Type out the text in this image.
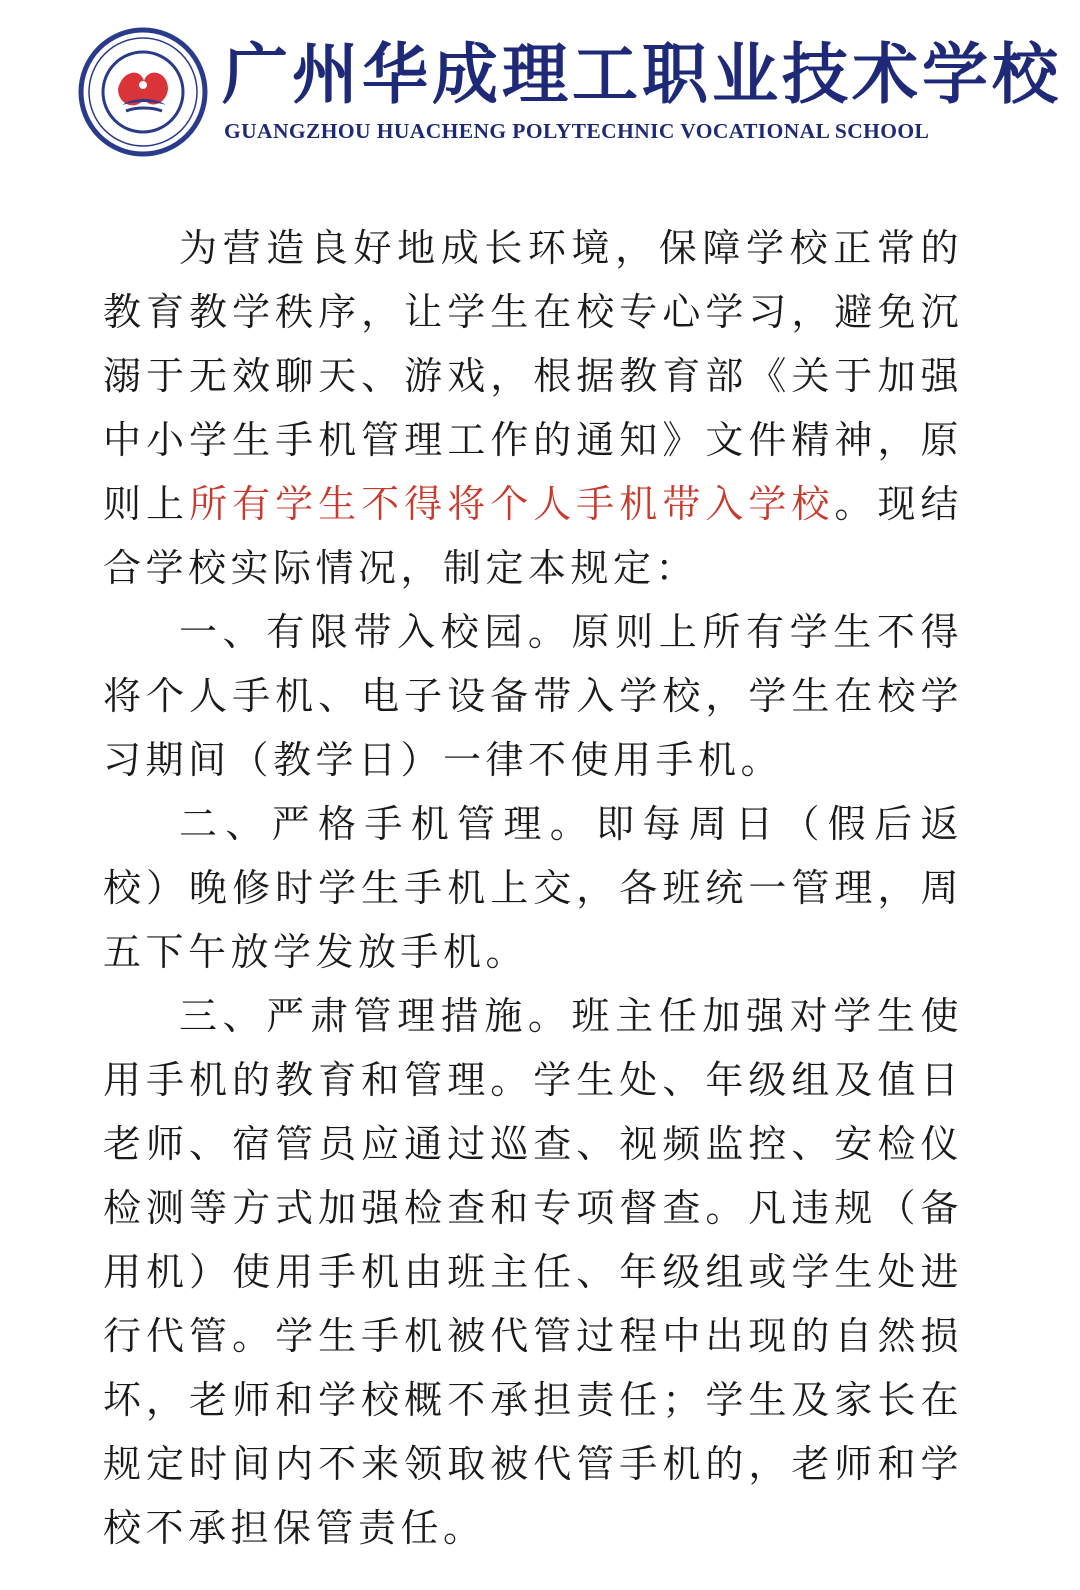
广州华成理工职业技术学校
GUANGZHOU HUACHENG POLYTECHNIC VOCATIONAL SCHOOL

为营造良好地成长环境，保障学校正常的教育教学秩序，让学生在校专心学习，避免沉溺于无效聊天、游戏，根据教育部《关于加强中小学生手机管理工作的通知》文件精神，原则上所有学生不得将个人手机带入学校。现结合学校实际情况，制定本规定：

一、有限带入校园。原则上所有学生不得将个人手机、电子设备带入学校，学生在校学习期间（教学日）一律不使用手机。

二、严格手机管理。即每周日（假后返校）晚修时学生手机上交，各班统一管理，周五下午放学发放手机。

三、严肃管理措施。班主任加强对学生使用手机的教育和管理。学生处、年级组及值日老师、宿管员应通过巡查、视频监控、安检仪检测等方式加强检查和专项督查。凡违规（备用机）使用手机由班主任、年级组或学生处进行代管。学生手机被代管过程中出现的自然损坏，老师和学校概不承担责任；学生及家长在规定时间内不来领取被代管手机的，老师和学校不承担保管责任。
